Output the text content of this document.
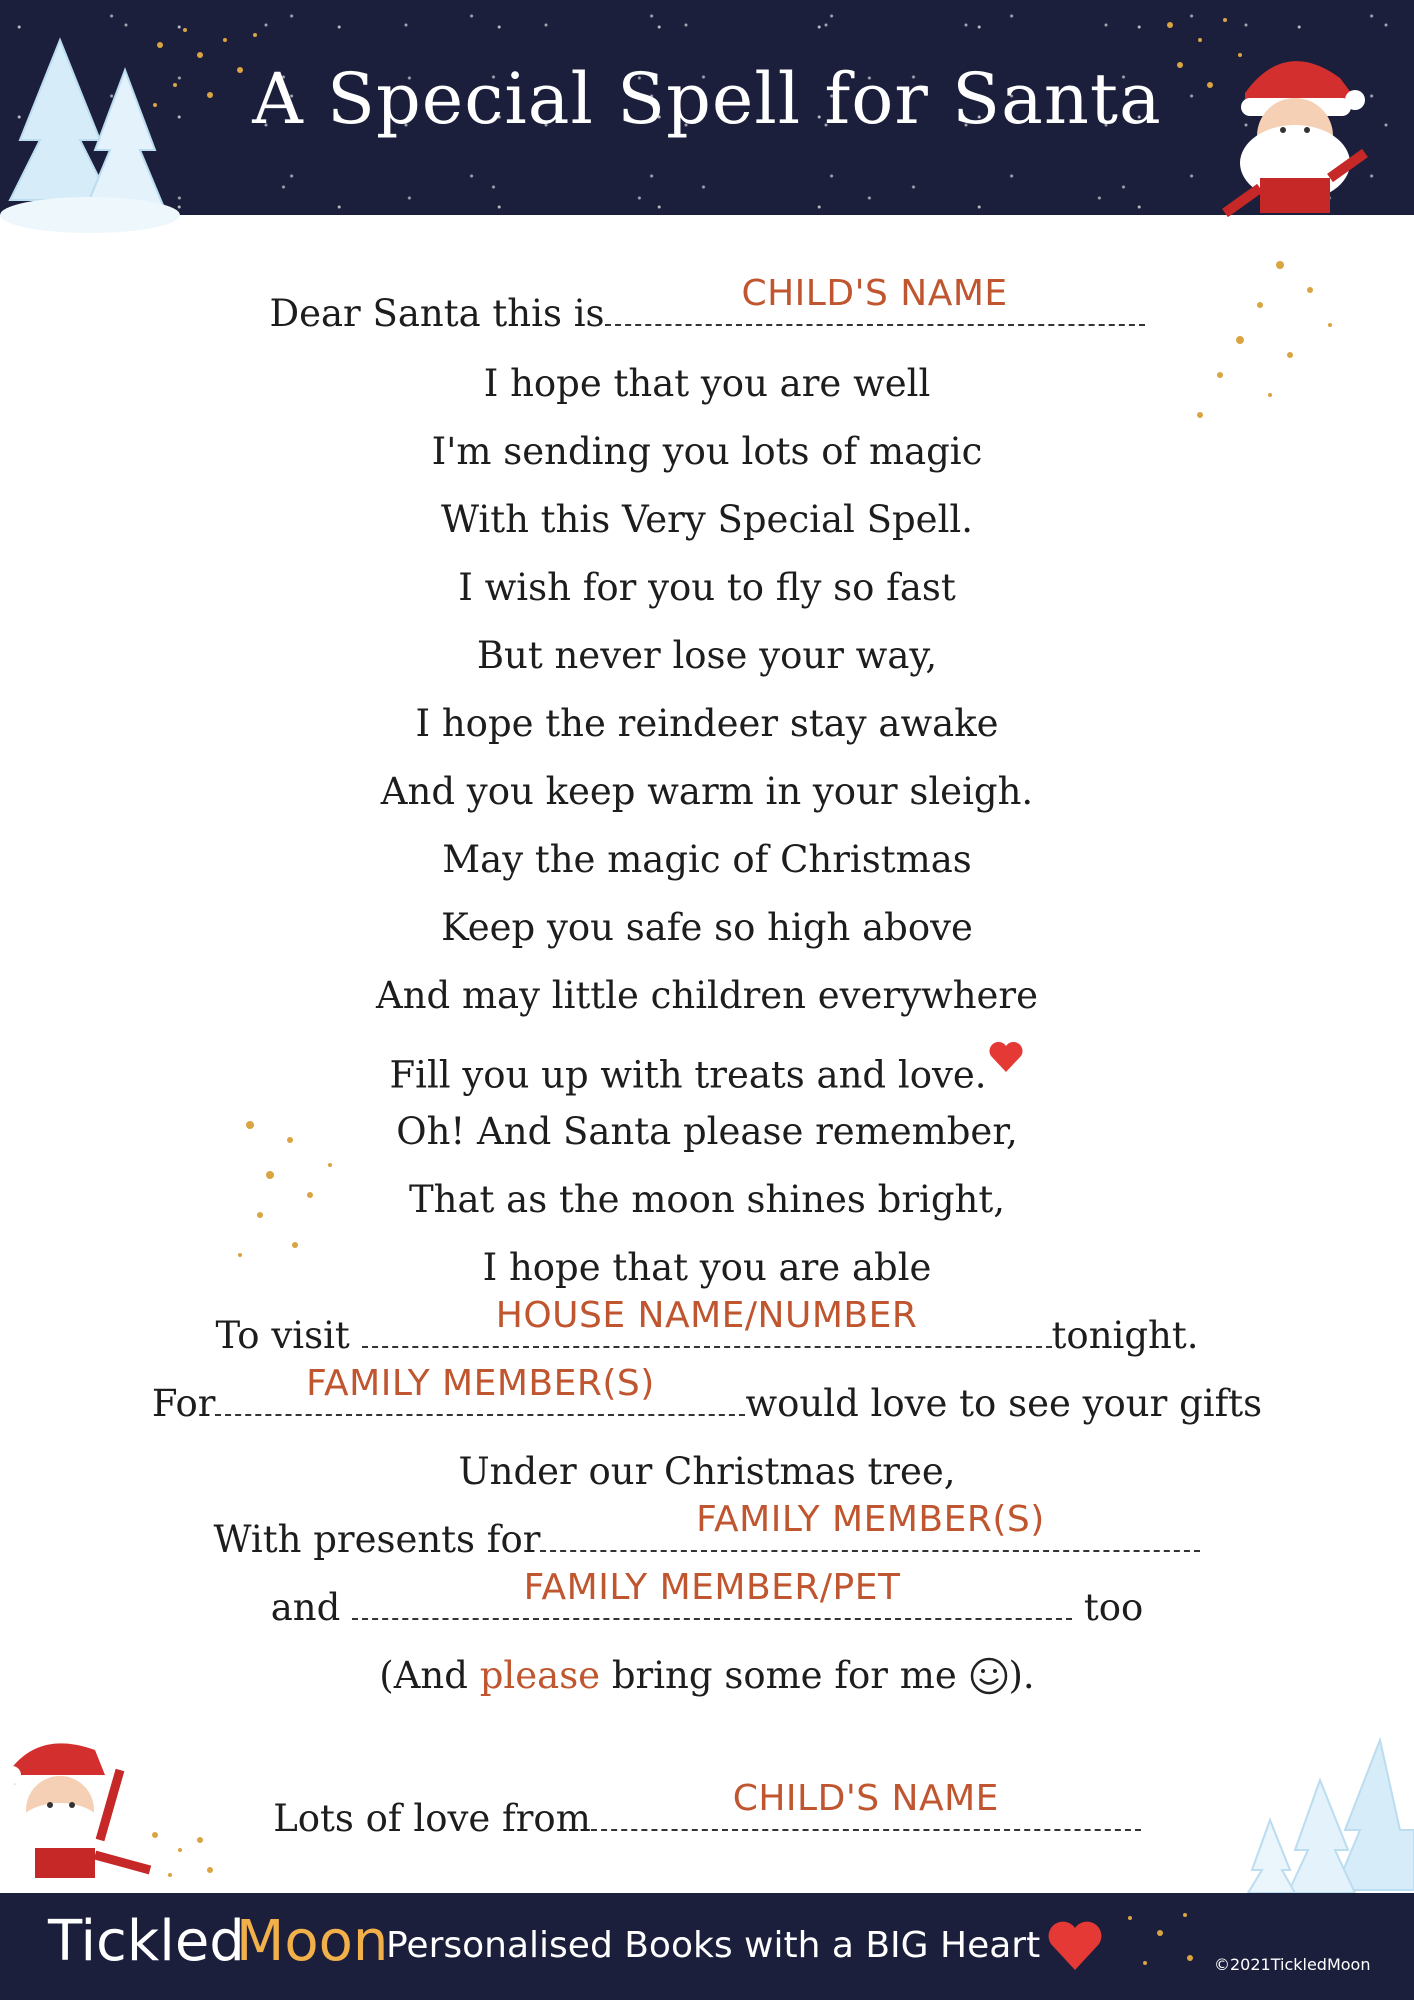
A Special Spell for Santa
Dear Santa this is	CHILD'S NAME
I hope that you are well
I'm sending you lots of magic
With this Very Special Spell.
I wish for you to fly so fast
But never lose your way,
I hope the reindeer stay awake
And you keep warm in your sleigh.
May the magic of Christmas
Keep you safe so high above
And may little children everywhere
Fill you up with treats and love.
Oh! And Santa please remember,
That as the moon shines bright,
I hope that you are able
To visit	HOUSE NAME/NUMBER	tonight.
For	FAMILY MEMBER(S)	would love to see your gifts
Under our Christmas tree,
With presents for	FAMILY MEMBER(S)
and	FAMILY MEMBER/PET	too
(And please bring some for me ).
Lots of love from	CHILD'S NAME
Tickled
Moon
Personalised Books with a BIG Heart	©2021TickledMoon
